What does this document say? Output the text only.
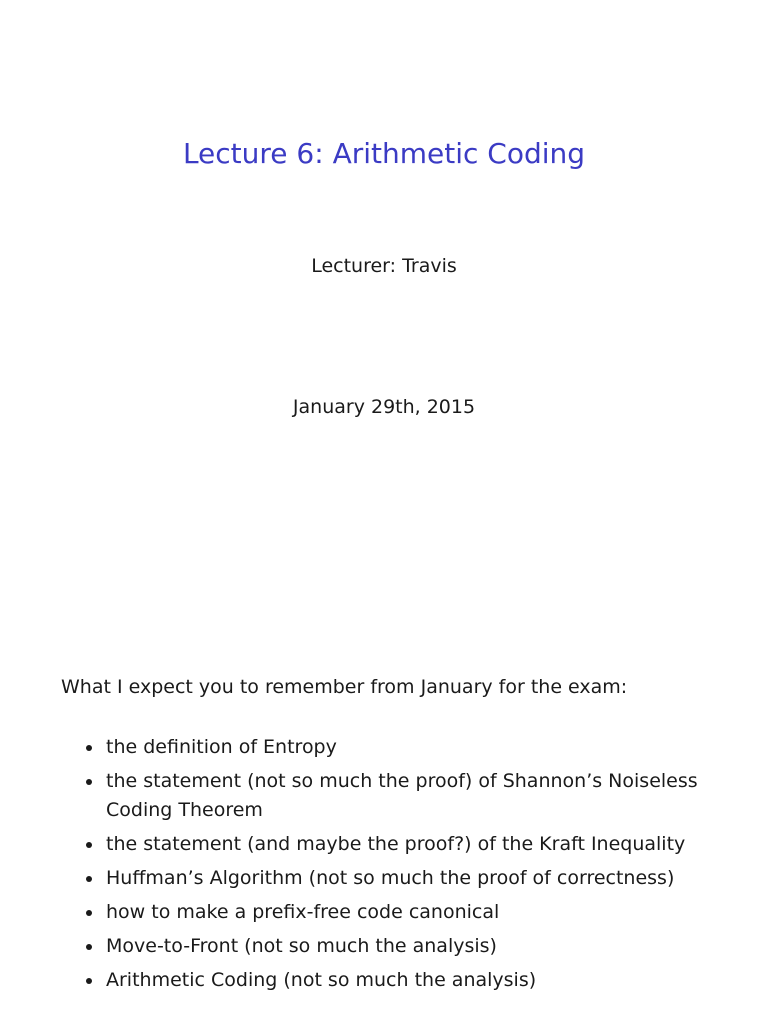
Lecture 6: Arithmetic Coding
Lecturer: Travis
January 29th, 2015

What I expect you to remember from January for the exam:

the definition of Entropy
the statement (not so much the proof) of Shannon’s Noiseless Coding Theorem
the statement (and maybe the proof?) of the Kraft Inequality
Huffman’s Algorithm (not so much the proof of correctness)
how to make a prefix-free code canonical
Move-to-Front (not so much the analysis)
Arithmetic Coding (not so much the analysis)
